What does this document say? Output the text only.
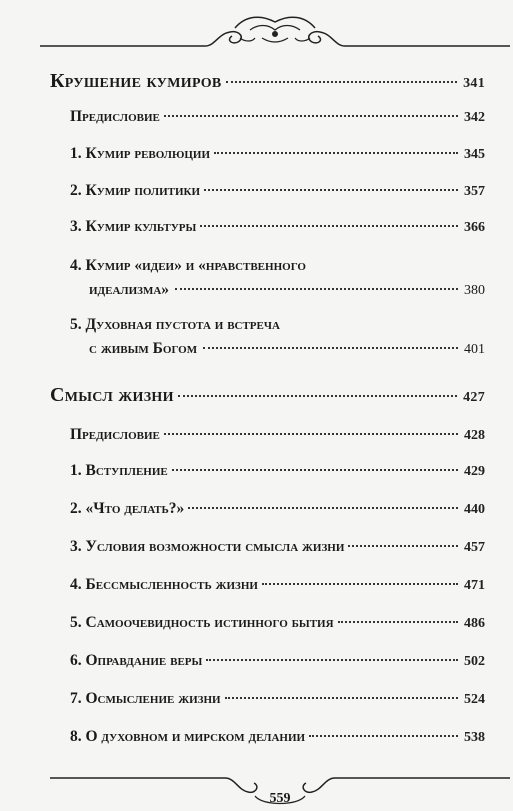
Крушение кумиров	341
Предисловие	342
1. Кумир революции	345
2. Кумир политики	357
3. Кумир культуры	366
4. Кумир «идеи» и «нравственного
идеализма»	380
5. Духовная пустота и встреча
с живым Богом	401
Смысл жизни	427
Предисловие	428
1. Вступление	429
2. «Что делать?»	440
3. Условия возможности смысла жизни	457
4. Бессмысленность жизни	471
5. Самоочевидность истинного бытия	486
6. Оправдание веры	502
7. Осмысление жизни	524
8. О духовном и мирском делании	538
559
